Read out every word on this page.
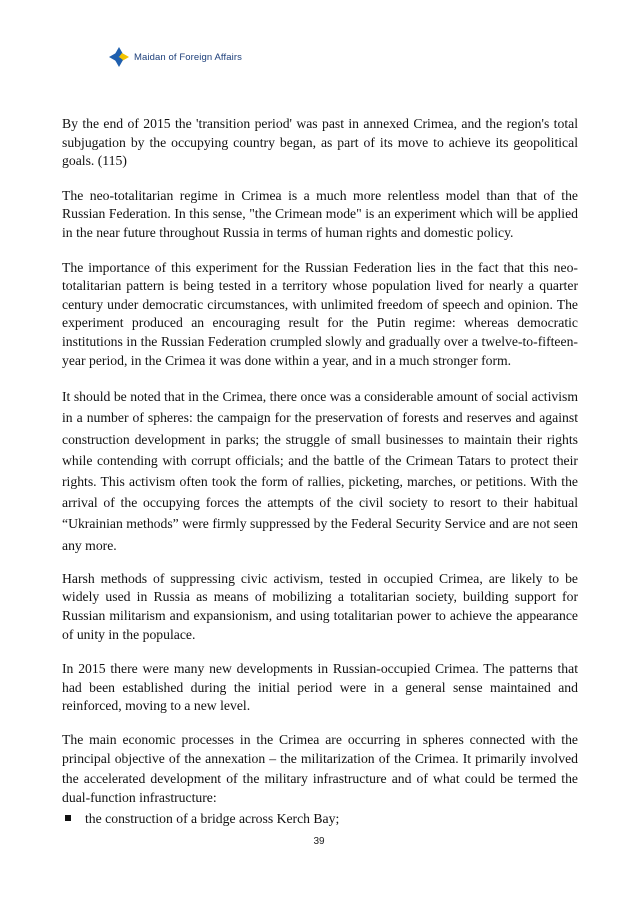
Maidan of Foreign Affairs

By the end of 2015 the 'transition period' was past in annexed Crimea, and the region's total subjugation by the occupying country began, as part of its move to achieve its geopolitical goals. (115)

The neo-totalitarian regime in Crimea is a much more relentless model than that of the Russian Federation. In this sense, "the Crimean mode" is an experiment which will be applied in the near future throughout Russia in terms of human rights and domestic policy.

The importance of this experiment for the Russian Federation lies in the fact that this neo-totalitarian pattern is being tested in a territory whose population lived for nearly a quarter century under democratic circumstances, with unlimited freedom of speech and opinion. The experiment produced an encouraging result for the Putin regime: whereas democratic institutions in the Russian Federation crumpled slowly and gradually over a twelve-to-fifteen-year period, in the Crimea it was done within a year, and in a much stronger form.

It should be noted that in the Crimea, there once was a considerable amount of social activism in a number of spheres: the campaign for the preservation of forests and reserves and against construction development in parks; the struggle of small businesses to maintain their rights while contending with corrupt officials; and the battle of the Crimean Tatars to protect their rights. This activism often took the form of rallies, picketing, marches, or petitions. With the arrival of the occupying forces the attempts of the civil society to resort to their habitual “Ukrainian methods” were firmly suppressed by the Federal Security Service and are not seen any more.

Harsh methods of suppressing civic activism, tested in occupied Crimea, are likely to be widely used in Russia as means of mobilizing a totalitarian society, building support for Russian militarism and expansionism, and using totalitarian power to achieve the appearance of unity in the populace.

In 2015 there were many new developments in Russian-occupied Crimea. The patterns that had been established during the initial period were in a general sense maintained and reinforced, moving to a new level.

The main economic processes in the Crimea are occurring in spheres connected with the principal objective of the annexation – the militarization of the Crimea. It primarily involved the accelerated development of the military infrastructure and of what could be termed the dual-function infrastructure:

the construction of a bridge across Kerch Bay;
39
